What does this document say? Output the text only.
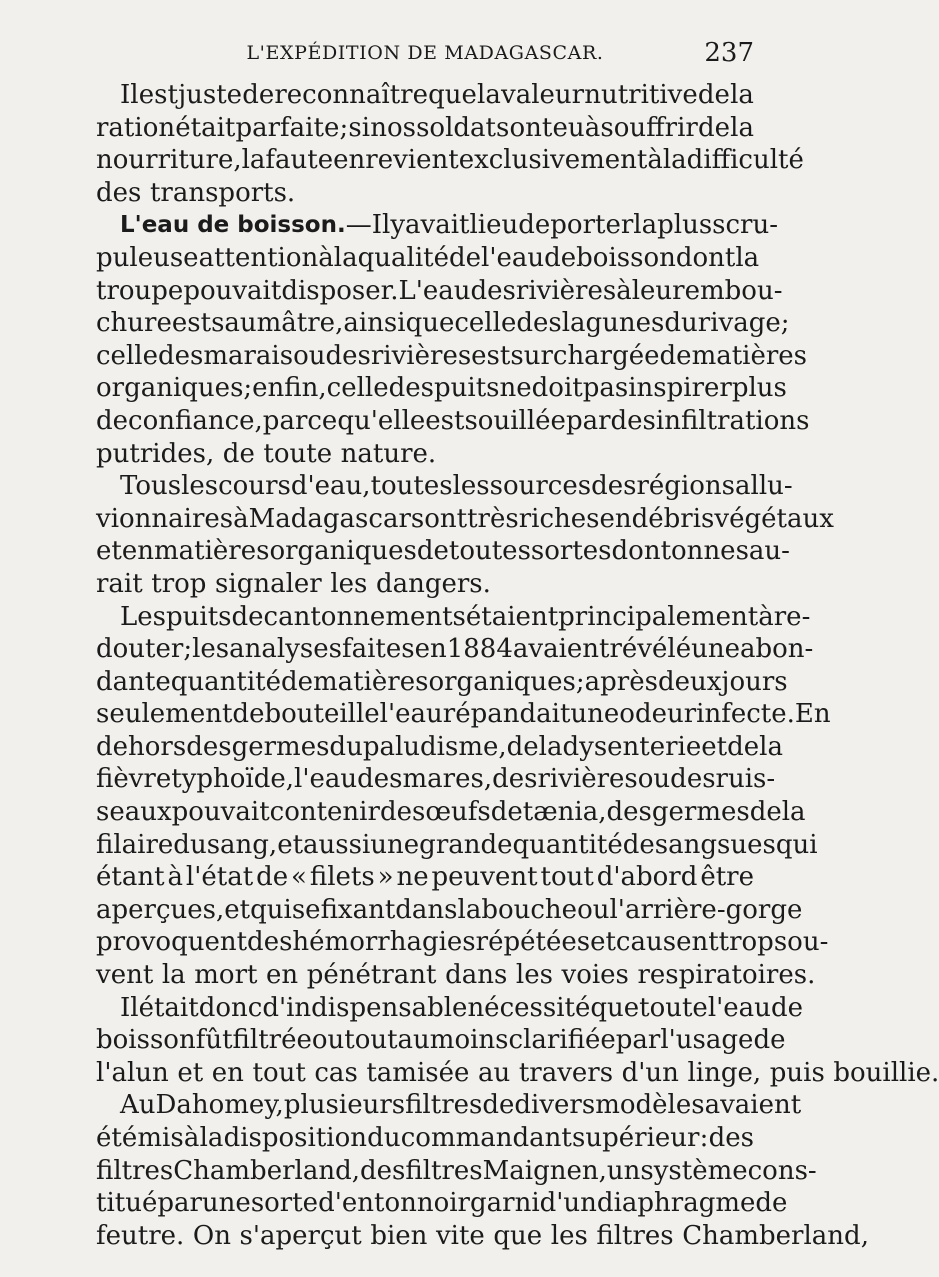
L'EXPÉDITION DE MADAGASCAR.	237

Il est juste de reconnaître que la valeur nutritive de la
ration était parfaite ; si nos soldats ont eu à souffrir de la
nourriture, la faute en revient exclusivement à la difficulté
des transports.

L'eau de boisson. — Il y avait lieu de porter la plus scru-
puleuse attention à la qualité de l'eau de boisson dont la
troupe pouvait disposer. L'eau des rivières à leur embou-
chure est saumâtre, ainsi que celle des lagunes du rivage ;
celle des marais ou des rivières est surchargée de matières
organiques ; enfin, celle des puits ne doit pas inspirer plus
de confiance, parce qu'elle est souillée par des infiltrations
putrides, de toute nature.

Tous les cours d'eau, toutes les sources des régions allu-
vionnaires à Madagascar sont très riches en débris végétaux
et en matières organiques de toutes sortes dont on ne sau-
rait trop signaler les dangers.

Les puits de cantonnements étaient principalement à re-
douter ; les analyses faites en 1884 avaient révélé une abon-
dante quantité de matières organiques ; après deux jours
seulement de bouteille l'eau répandait une odeur infecte. En
dehors des germes du paludisme, de la dysenterie et de la
fièvre typhoïde, l'eau des mares, des rivières ou des ruis-
seaux pouvait contenir des œufs de tænia, des germes de la
filaire du sang, et aussi une grande quantité de sangsues qui
étant à l'état de « filets » ne peuvent tout d'abord être
aperçues, et qui se fixant dans la bouche ou l'arrière-gorge
provoquent des hémorrhagies répétées et causent trop sou-
vent la mort en pénétrant dans les voies respiratoires.

Il était donc d'indispensable nécessité que toute l'eau de
boisson fût filtrée ou tout au moins clarifiée par l'usage de
l'alun et en tout cas tamisée au travers d'un linge, puis bouillie.

Au Dahomey, plusieurs filtres de divers modèles avaient
été mis à la disposition du commandant supérieur : des
filtres Chamberland, des filtres Maignen, un système cons-
titué par une sorte d'entonnoir garni d'un diaphragme de
feutre. On s'aperçut bien vite que les filtres Chamberland,
